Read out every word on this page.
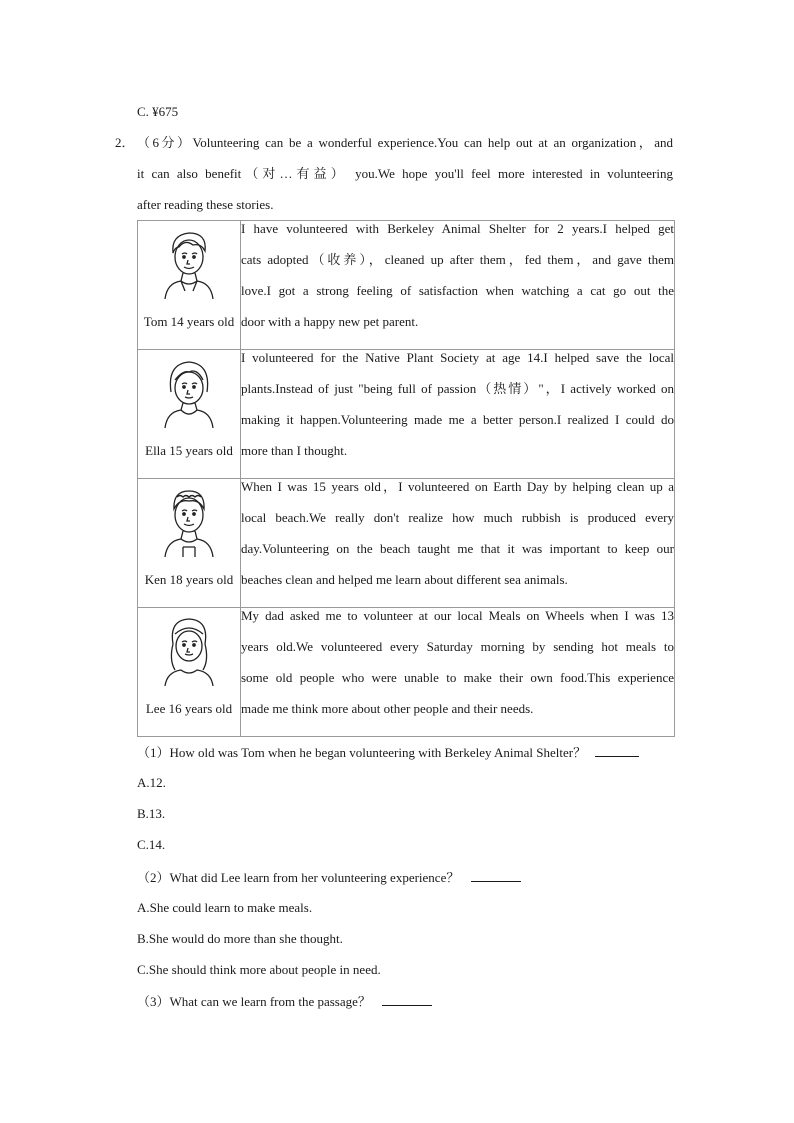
C. ¥675
2． （6分）Volunteering can be a wonderful experience.You can help out at an organization，and
it can also benefit（对…有益） you.We hope you'll feel more interested in volunteering
after reading these stories.
Tom 14 years old	I have volunteered with Berkeley Animal Shelter for 2 years.I helped get
cats adopted（收养），cleaned up after them，fed them，and gave them
love.I got a strong feeling of satisfaction when watching a cat go out the
door with a happy new pet parent.

Ella 15 years old	I volunteered for the Native Plant Society at age 14.I helped save the local
plants.Instead of just "being full of passion（热情）"，I actively worked on
making it happen.Volunteering made me a better person.I realized I could do
more than I thought.

Ken 18 years old	When I was 15 years old，I volunteered on Earth Day by helping clean up a
local beach.We really don't realize how much rubbish is produced every
day.Volunteering on the beach taught me that it was important to keep our
beaches clean and helped me learn about different sea animals.

Lee 16 years old	My dad asked me to volunteer at our local Meals on Wheels when I was 13
years old.We volunteered every Saturday morning by sending hot meals to
some old people who were unable to make their own food.This experience
made me think more about other people and their needs.
（1）How old was Tom when he began volunteering with Berkeley Animal Shelter？
A.12.
B.13.
C.14.
（2）What did Lee learn from her volunteering experience？
A.She could learn to make meals.
B.She would do more than she thought.
C.She should think more about people in need.
（3）What can we learn from the passage？
